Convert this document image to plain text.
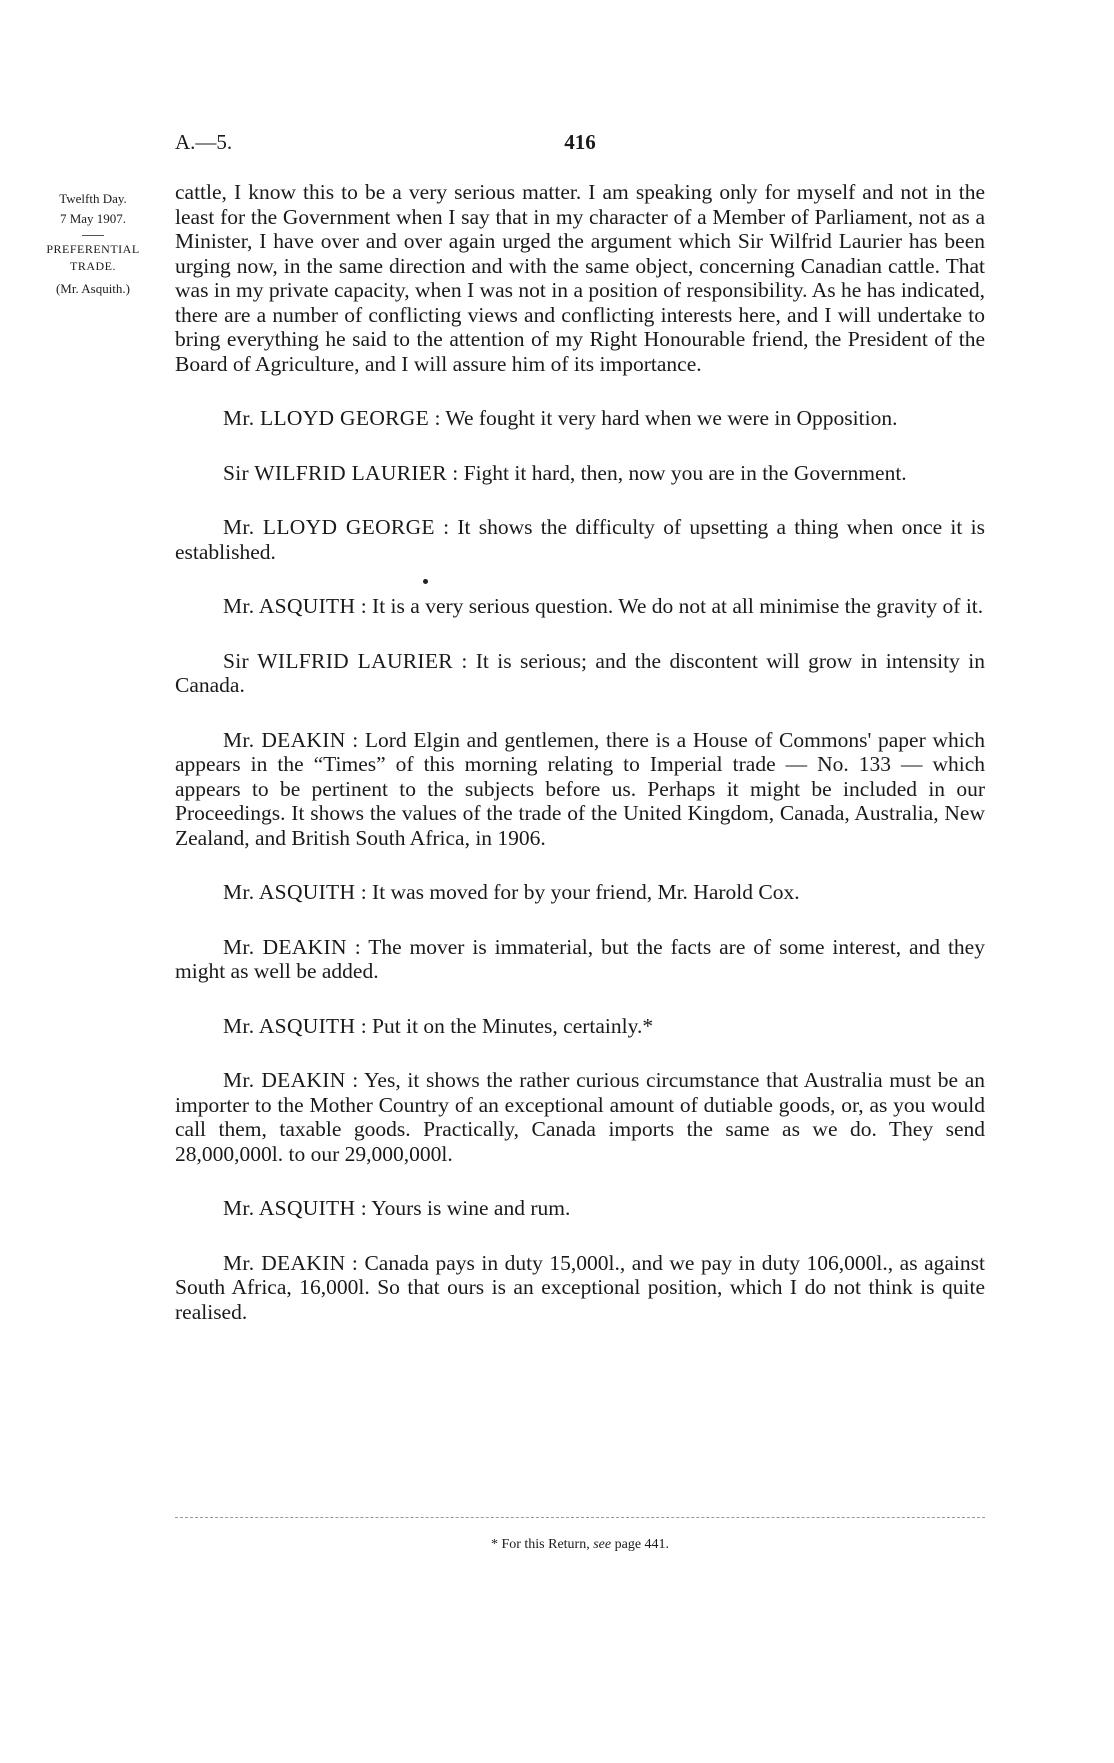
A.—5.	416
Twelfth Day.
7 May 1907.
PREFERENTIAL
TRADE.
(Mr. Asquith.)

cattle, I know this to be a very serious matter. I am speaking only for myself and not in the least for the Government when I say that in my character of a Member of Parliament, not as a Minister, I have over and over again urged the argument which Sir Wilfrid Laurier has been urging now, in the same direction and with the same object, concerning Canadian cattle. That was in my private capacity, when I was not in a position of responsibility. As he has indicated, there are a number of conflicting views and conflicting interests here, and I will undertake to bring everything he said to the attention of my Right Honourable friend, the President of the Board of Agriculture, and I will assure him of its importance.

Mr. LLOYD GEORGE : We fought it very hard when we were in Opposition.

Sir WILFRID LAURIER : Fight it hard, then, now you are in the Government.

Mr. LLOYD GEORGE : It shows the difficulty of upsetting a thing when once it is established.

Mr. ASQUITH : It is a very serious question. We do not at all minimise the gravity of it.

Sir WILFRID LAURIER : It is serious; and the discontent will grow in intensity in Canada.

Mr. DEAKIN : Lord Elgin and gentlemen, there is a House of Commons' paper which appears in the “Times” of this morning relating to Imperial trade — No. 133 — which appears to be pertinent to the subjects before us. Perhaps it might be included in our Proceedings. It shows the values of the trade of the United Kingdom, Canada, Australia, New Zealand, and British South Africa, in 1906.

Mr. ASQUITH : It was moved for by your friend, Mr. Harold Cox.

Mr. DEAKIN : The mover is immaterial, but the facts are of some interest, and they might as well be added.

Mr. ASQUITH : Put it on the Minutes, certainly.*

Mr. DEAKIN : Yes, it shows the rather curious circumstance that Australia must be an importer to the Mother Country of an exceptional amount of dutiable goods, or, as you would call them, taxable goods. Practically, Canada imports the same as we do. They send 28,000,000l. to our 29,000,000l.

Mr. ASQUITH : Yours is wine and rum.

Mr. DEAKIN : Canada pays in duty 15,000l., and we pay in duty 106,000l., as against South Africa, 16,000l. So that ours is an exceptional position, which I do not think is quite realised.

* For this Return, see page 441.
